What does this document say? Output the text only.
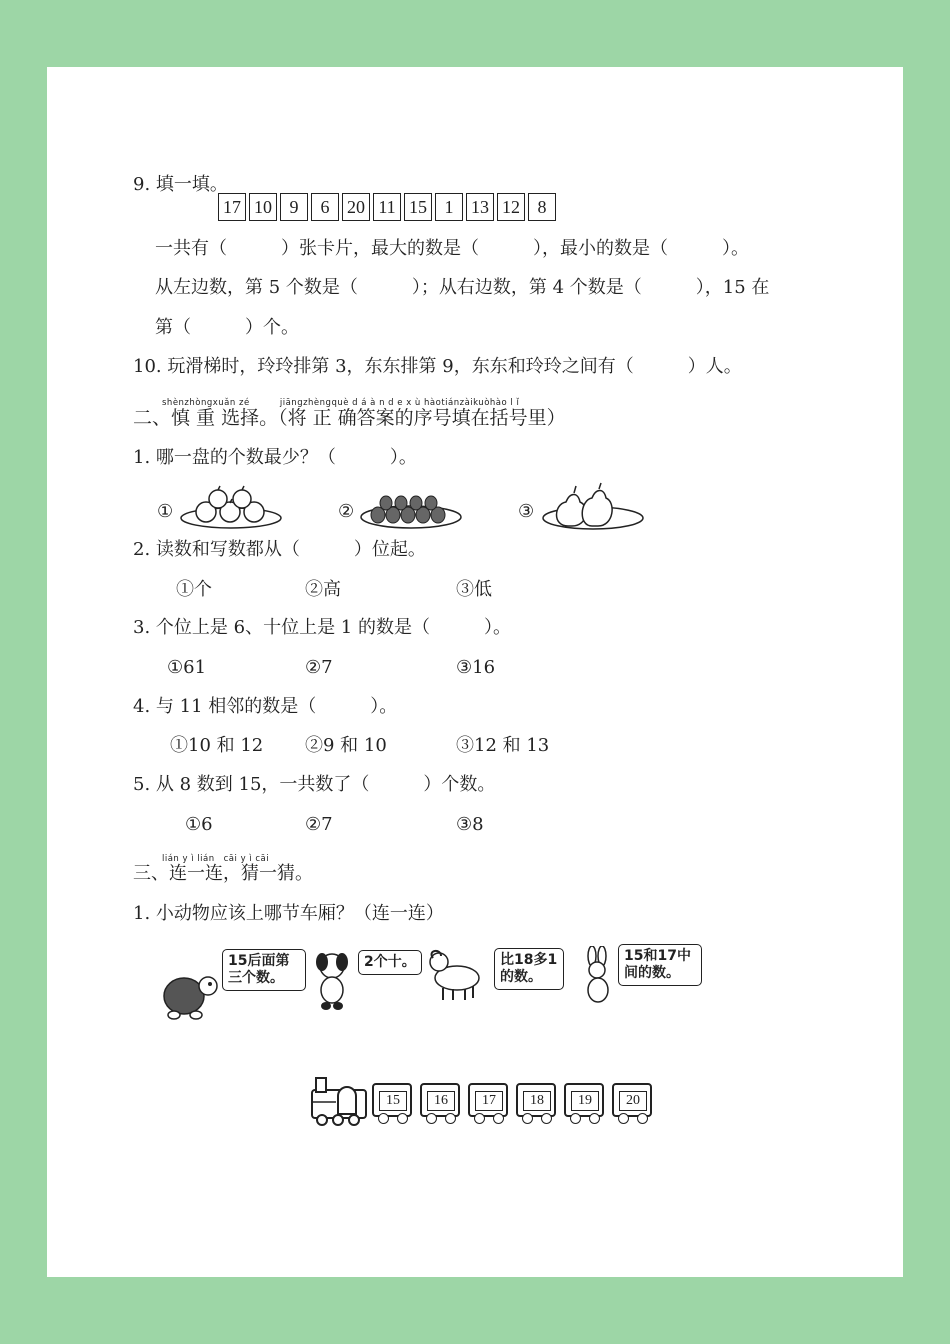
9. 填一填。
17 10 9	6 20 11 15 1 13 12 8
一共有（　　　）张卡片，最大的数是（　　　），最小的数是（　　　）。
从左边数，第 5 个数是（　　　）；从右边数，第 4 个数是（　　　），15 在
第（　　　）个。
10. 玩滑梯时，玲玲排第 3，东东排第 9，东东和玲玲之间有（　　　）人。
shènzhòngxuǎn zé　　　 jiāngzhèngquè d á à n d e x ù hàotiánzàikuòhào l ǐ
二、慎 重 选择。（将 正 确答案的序号填在括号里）
1. 哪一盘的个数最少？（　　　）。
①	②	③
2. 读数和写数都从（　　　）位起。
①个	②高	③低
3. 个位上是 6、十位上是 1 的数是（　　　）。
①61	②7	③16
4. 与 11 相邻的数是（　　　）。
①10 和 12 ②9 和 10	③12 和 13
5. 从 8 数到 15，一共数了（　　　）个数。
①6	②7	③8
lián y ì lián　cāi y ì cāi
三、连一连，猜一猜。
1. 小动物应该上哪节车厢？（连一连）
15后面第三个数。
2个十。	比18多1的数。
15和17中间的数。
15	16	17	18	19	20
